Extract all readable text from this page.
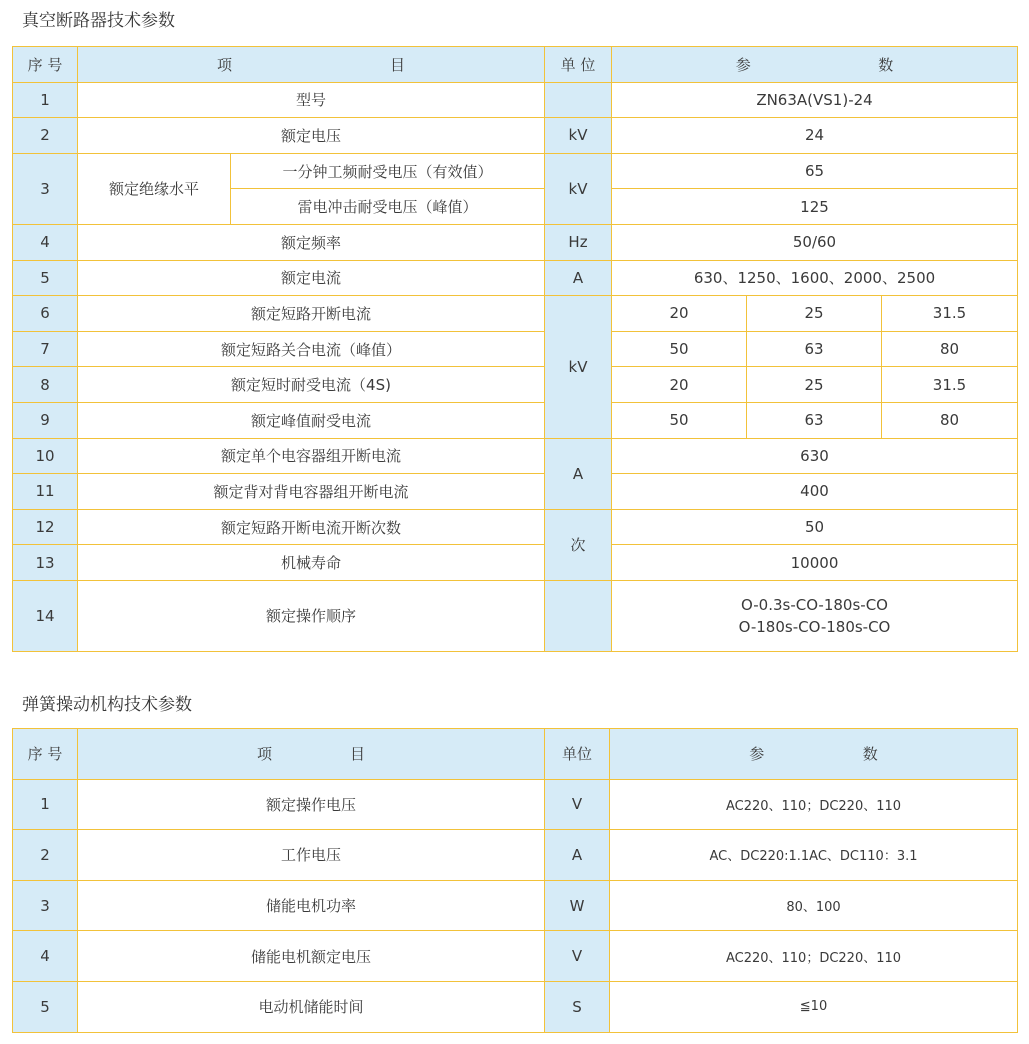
真空断路器技术参数
序 号	项 目		单 位	参 数		

1	型号			ZN63A(VS1)-24		
2	额定电压		kV	24		
3	额定绝缘水平	一分钟工频耐受电压（有效值）	kV	65		
		雷电冲击耐受电压（峰值）		125		
4	额定频率		Hz	50/60		
5	额定电流		A	630、1250、1600、2000、2500		
6	额定短路开断电流		kV	20	25	31.5
7	额定短路关合电流（峰值）			50	63	80
8	额定短时耐受电流（4S)			20	25	31.5
9	额定峰值耐受电流			50	63	80
10	额定单个电容器组开断电流		A	630		
11	额定背对背电容器组开断电流			400		
12	额定短路开断电流开断次数		次	50		
13	机械寿命			10000		
14	额定操作顺序			O-0.3s-CO-180s-CO
O-180s-CO-180s-CO		
弹簧操动机构技术参数
序 号	项 目	单位	参 数

1	额定操作电压	V	AC220、110；DC220、110
2	工作电压	A	AC、DC220:1.1AC、DC110：3.1
3	储能电机功率	W	80、100
4	储能电机额定电压	V	AC220、110；DC220、110
5	电动机储能时间	S	≦10
